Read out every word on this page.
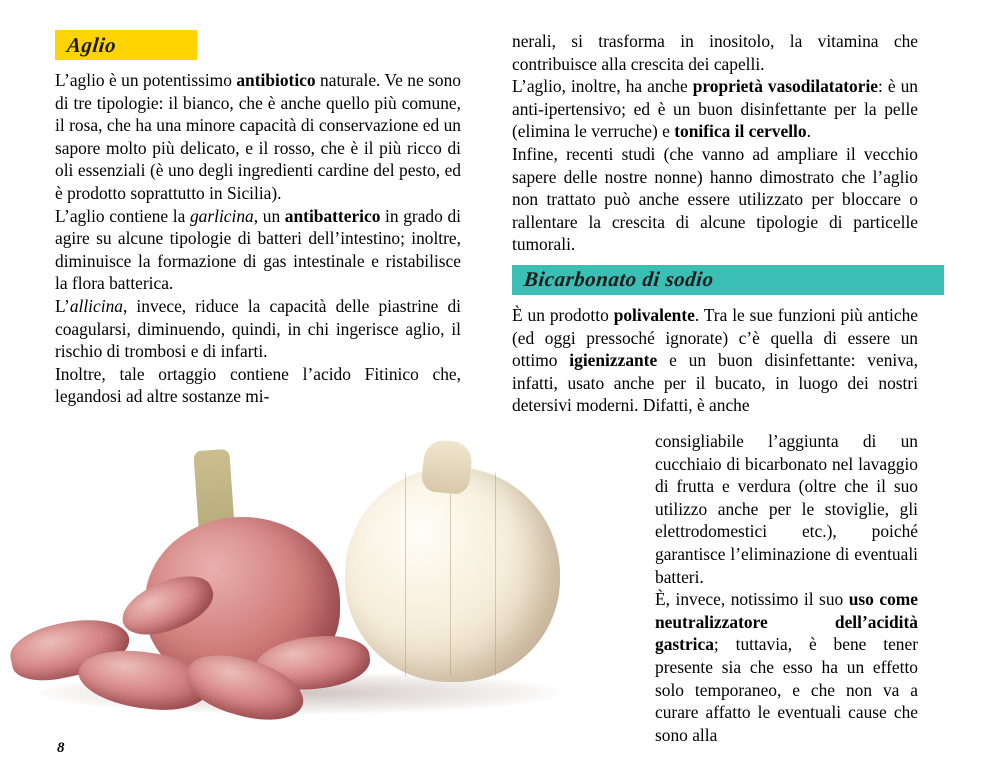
Aglio

L’aglio è un potentissimo antibiotico naturale. Ve ne sono di tre tipologie: il bianco, che è anche quello più comune, il rosa, che ha una minore capacità di conservazione ed un sapore molto più delicato, e il rosso, che è il più ricco di oli essenziali (è uno degli ingredienti cardine del pesto, ed è prodotto soprattutto in Sicilia).

L’aglio contiene la garlicina, un antibatterico in grado di agire su alcune tipologie di batteri dell’intestino; inoltre, diminuisce la formazione di gas intestinale e ristabilisce la flora batterica.

L’allicina, invece, riduce la capacità delle piastrine di coagularsi, diminuendo, quindi, in chi ingerisce aglio, il rischio di trombosi e di infarti.

Inoltre, tale ortaggio contiene l’acido Fitinico che, legandosi ad altre sostanze mi-

nerali, si trasforma in inositolo, la vitamina che contribuisce alla crescita dei capelli.

L’aglio, inoltre, ha anche proprietà vasodilatatorie: è un anti-ipertensivo; ed è un buon disinfettante per la pelle (elimina le verruche) e tonifica il cervello.

Infine, recenti studi (che vanno ad ampliare il vecchio sapere delle nostre nonne) hanno dimostrato che l’aglio non trattato può anche essere utilizzato per bloccare o rallentare la crescita di alcune tipologie di particelle tumorali.

Bicarbonato di sodio

È un prodotto polivalente. Tra le sue funzioni più antiche (ed oggi pressoché ignorate) c’è quella di essere un ottimo igienizzante e un buon disinfettante: veniva, infatti, usato anche per il bucato, in luogo dei nostri detersivi moderni. Difatti, è anche

consigliabile l’aggiunta di un cucchiaio di bicarbonato nel lavaggio di frutta e verdura (oltre che il suo utilizzo anche per le stoviglie, gli elettrodomestici etc.), poiché garantisce l’eliminazione di eventuali batteri.

È, invece, notissimo il suo uso come neutralizzatore dell’acidità gastrica; tuttavia, è bene tener presente sia che esso ha un effetto solo temporaneo, e che non va a curare affatto le eventuali cause che sono alla

8
